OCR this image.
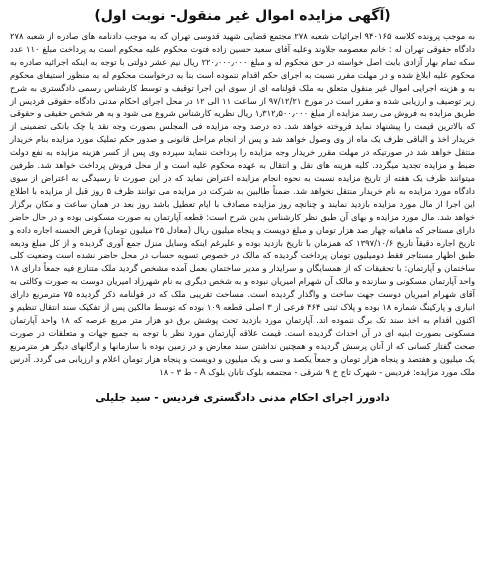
(آگهی مزایده اموال غیر منقول- نوبت اول)

به موجب پرونده کلاسه ۹۴۰۱۶۵ اجرائیات شعبه ۲۷۸ مجتمع قضایی شهید قدوسی تهران که به موجب دادنامه های صادره از شعبه ۲۷۸ دادگاه حقوقی تهران له : خانم معصومه جلاوند وعلیه آقای سعید حسین زاده فتوت محکوم علیه محکوم است به پرداخت مبلغ ۱۱۰ عدد سکه تمام بهار آزادی بابت اصل خواسته در حق محکوم له و مبلغ ۲۲۰٫۰۰۰٫۰۰۰ ریال نیم عشر دولتی با توجه به اینکه اجرائیه صادره به محکوم علیه ابلاغ شده و در مهلت مقرر نسبت به اجرای حکم اقدام ننموده است بنا به درخواست محکوم له به منظور استیفای محکوم به و هزینه اجرایی اموال غیر منقول متعلق به ملک قولنامه ای از سوی این اجرا توقیف و توسط کارشناس رسمی دادگستری به شرح زیر توصیف و ارزیابی شده و مقرر است در مورخ ۹۷/۱۲/۲۱ از ساعت ۱۱ الی ۱۲ در محل اجرای احکام مدنی دادگاه حقوقی فردیس از طریق مزایده به فروش می رسد مزایده از مبلغ ۱٫۳۱۲٫۵۰۰٫۰۰۰ ریال نظریه کارشناس شروع می شود و به هر شخص حقیقی و حقوقی که بالاترین قیمت را پیشنهاد نماید فروخته خواهد شد. ده درصد وجه مزایده فی المجلس بصورت وجه نقد یا چک بانکی تضمینی از خریدار اخذ و الباقی ظرف یک ماه از وی وصول خواهد شد و پس از انجام مراحل قانونی و صدور حکم تملیک مورد مزایده بنام خریدار منتقل خواهد شد در صورتیکه در مهلت مقرر خریدار وجه مزایده را پرداخت ننماید سپرده وی پس از کسر هزینه مزایده به نفع دولت ضبط و مزایده تجدید میگردد. کلیه هزینه های نقل و انتقال به عهده محکوم علیه است و از محل فروش پرداخت خواهد شد. طرفین میتوانند ظرف یک هفته از تاریخ مزایده نسبت به نحوه انجام مزایده اعتراض نماید که در این صورت تا رسیدگی به اعتراض از سوی دادگاه مورد مزایده به نام خریدار منتقل نخواهد شد. ضمناً طالبین به شرکت در مزایده می توانند ظرف ۵ روز قبل از مزایده با اطلاع این اجرا از مال مورد مزایده بازدید نمایند و چنانچه روز مزایده مصادف با ایام تعطیل باشد روز بعد در همان ساعت و مکان برگزار خواهد شد. مال مورد مزایده و بهای آن طبق نظر کارشناس بدین شرح است: قطعه آپارتمان به صورت مسکونی بوده و در حال حاضر دارای مستاجر که ماهیانه چهار صد هزار تومان و مبلغ دویست و پنجاه میلیون ریال (معادل ۲۵ میلیون تومان) قرض الحسنه اجاره داده و تاریخ اجاره دقیقاً تاریخ ۱۳۹۷/۱۰/۶ که همزمان با تاریخ بازدید بوده و علیرغم اینکه وسایل منزل جمع آوری گردیده و از کل مبلغ ودیعه طبق اظهار مستاجر فقط دومیلیون تومان پرداخت گردیده که مالک در خصوص تسویه حساب در محل حاضر نشده است وضعیت کلی ساختمان و آپارتمان: با تحقیقات که از همسایگان و سرایدار و مدیر ساختمان بعمل آمده مشخص گردید ملک متنازع فیه جمعاً دارای ۱۸ واحد آپارتمان مسکونی و سازنده و مالک آن شهرام امیریان نبوده و به شخص دیگری به نام شهرزاد امیریان دوست به صورت وکالتی به آقای شهرام امیریان دوست جهت ساخت و واگذار گردیده است. مساحت تقریبی ملک که در قولنامه ذکر گردیده ۷۵ مترمربع دارای انباری و پارکینگ شماره ۱۸ بوده و پلاک ثبتی ۴۶۴ فرعی از ۳ اصلی قطعه ۱۰۹ بوده که توسط مالکین پس از تفکیک سند انتقال تنظیم و اکنون اقدام به اخذ سند تک برگ ننموده اند. آپارتمان مورد بازدید تحت پوشش برق دو هزار متر مربع عرصه که ۱۸ واحد آپارتمان مسکونی بصورت ابنیه ای در آن احداث گردیده است. قیمت علاقه آپارتمان مورد نظر با توجه به جمیع جهات و متعلقات در صورت صحت گفتار کسانی که از آنان پرسش گردیده و همچنین نداشتن سند معارض و در زمین بوده با سازمانها و ارگانهای دیگر هر مترمربع یک میلیون و هفتصد و پنجاه هزار تومان و جمعاً یکصد و سی و یک میلیون و دویست و پنجاه هزار تومان اعلام و ارزیابی می گردد. آدرس ملک مورد مزایده: فردیس - شهرک تاج خ ۹ شرقی - مجتمعه بلوک تابان بلوک A - ط ۳ - ۱۸

دادورز اجرای احکام مدنی دادگستری فردیس - سید جلیلی
